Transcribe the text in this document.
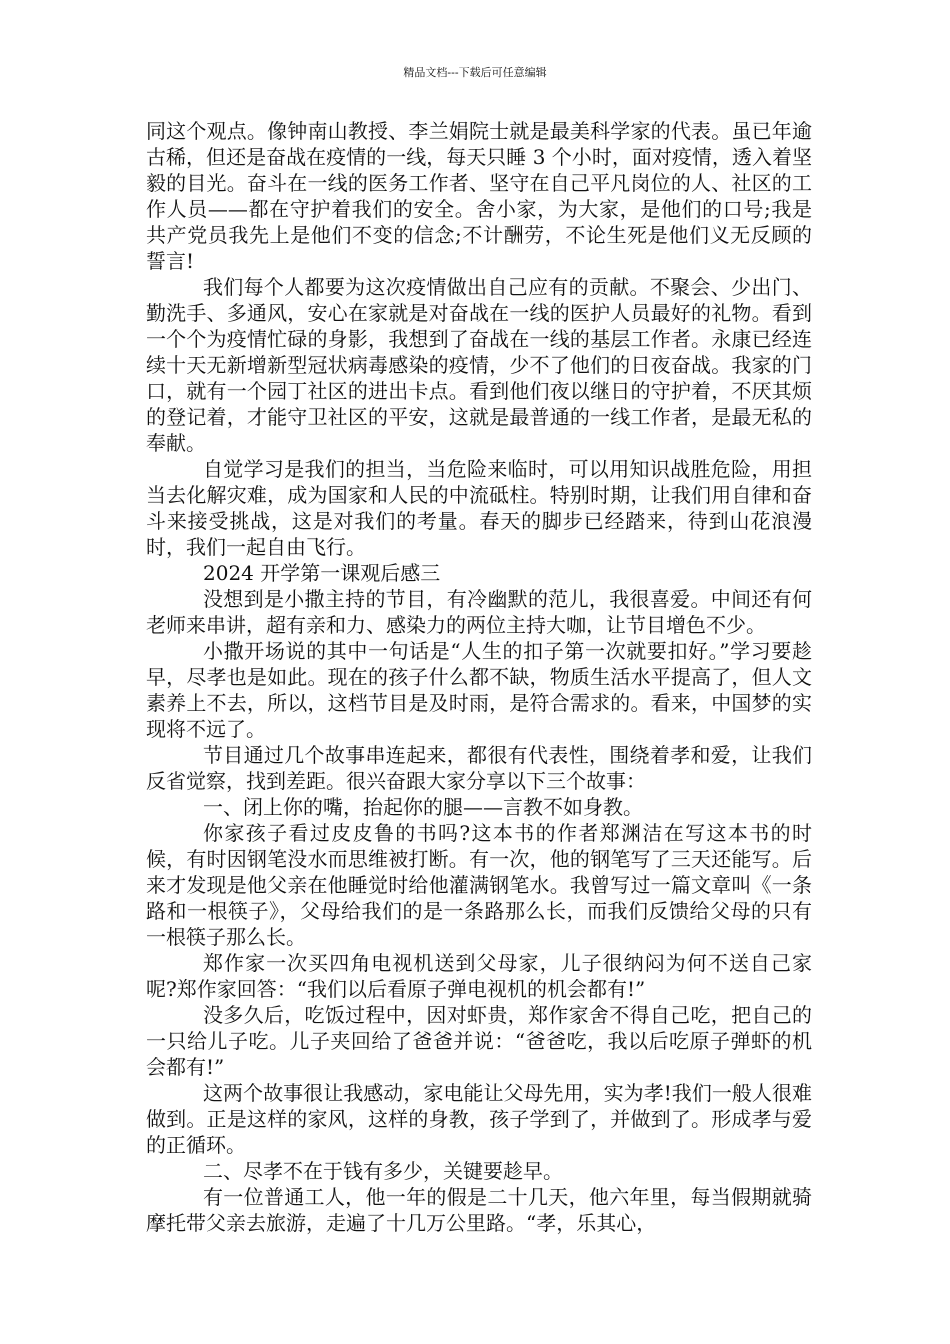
精品文档---下载后可任意编辑

同这个观点。像钟南山教授、李兰娟院士就是最美科学家的代表。虽已年逾古稀，但还是奋战在疫情的一线，每天只睡 3 个小时，面对疫情，透入着坚毅的目光。奋斗在一线的医务工作者、坚守在自己平凡岗位的人、社区的工作人员——都在守护着我们的安全。舍小家，为大家，是他们的口号;我是共产党员我先上是他们不变的信念;不计酬劳，不论生死是他们义无反顾的誓言!

我们每个人都要为这次疫情做出自己应有的贡献。不聚会、少出门、勤洗手、多通风，安心在家就是对奋战在一线的医护人员最好的礼物。看到一个个为疫情忙碌的身影，我想到了奋战在一线的基层工作者。永康已经连续十天无新增新型冠状病毒感染的疫情，少不了他们的日夜奋战。我家的门口，就有一个园丁社区的进出卡点。看到他们夜以继日的守护着，不厌其烦的登记着，才能守卫社区的平安，这就是最普通的一线工作者，是最无私的奉献。

自觉学习是我们的担当，当危险来临时，可以用知识战胜危险，用担当去化解灾难，成为国家和人民的中流砥柱。特别时期，让我们用自律和奋斗来接受挑战，这是对我们的考量。春天的脚步已经踏来，待到山花浪漫时，我们一起自由飞行。

2024 开学第一课观后感三

没想到是小撒主持的节目，有冷幽默的范儿，我很喜爱。中间还有何老师来串讲，超有亲和力、感染力的两位主持大咖，让节目增色不少。

小撒开场说的其中一句话是“人生的扣子第一次就要扣好。”学习要趁早，尽孝也是如此。现在的孩子什么都不缺，物质生活水平提高了，但人文素养上不去，所以，这档节目是及时雨，是符合需求的。看来，中国梦的实现将不远了。

节目通过几个故事串连起来，都很有代表性，围绕着孝和爱，让我们反省觉察，找到差距。很兴奋跟大家分享以下三个故事：

一、闭上你的嘴，抬起你的腿——言教不如身教。

你家孩子看过皮皮鲁的书吗?这本书的作者郑渊洁在写这本书的时候，有时因钢笔没水而思维被打断。有一次，他的钢笔写了三天还能写。后来才发现是他父亲在他睡觉时给他灌满钢笔水。我曾写过一篇文章叫《一条路和一根筷子》，父母给我们的是一条路那么长，而我们反馈给父母的只有一根筷子那么长。

郑作家一次买四角电视机送到父母家，儿子很纳闷为何不送自己家呢?郑作家回答：“我们以后看原子弹电视机的机会都有!”

没多久后，吃饭过程中，因对虾贵，郑作家舍不得自己吃，把自己的一只给儿子吃。儿子夹回给了爸爸并说：“爸爸吃，我以后吃原子弹虾的机会都有!”

这两个故事很让我感动，家电能让父母先用，实为孝!我们一般人很难做到。正是这样的家风，这样的身教，孩子学到了，并做到了。形成孝与爱的正循环。

二、尽孝不在于钱有多少，关键要趁早。

有一位普通工人，他一年的假是二十几天，他六年里，每当假期就骑摩托带父亲去旅游，走遍了十几万公里路。“孝，乐其心，
